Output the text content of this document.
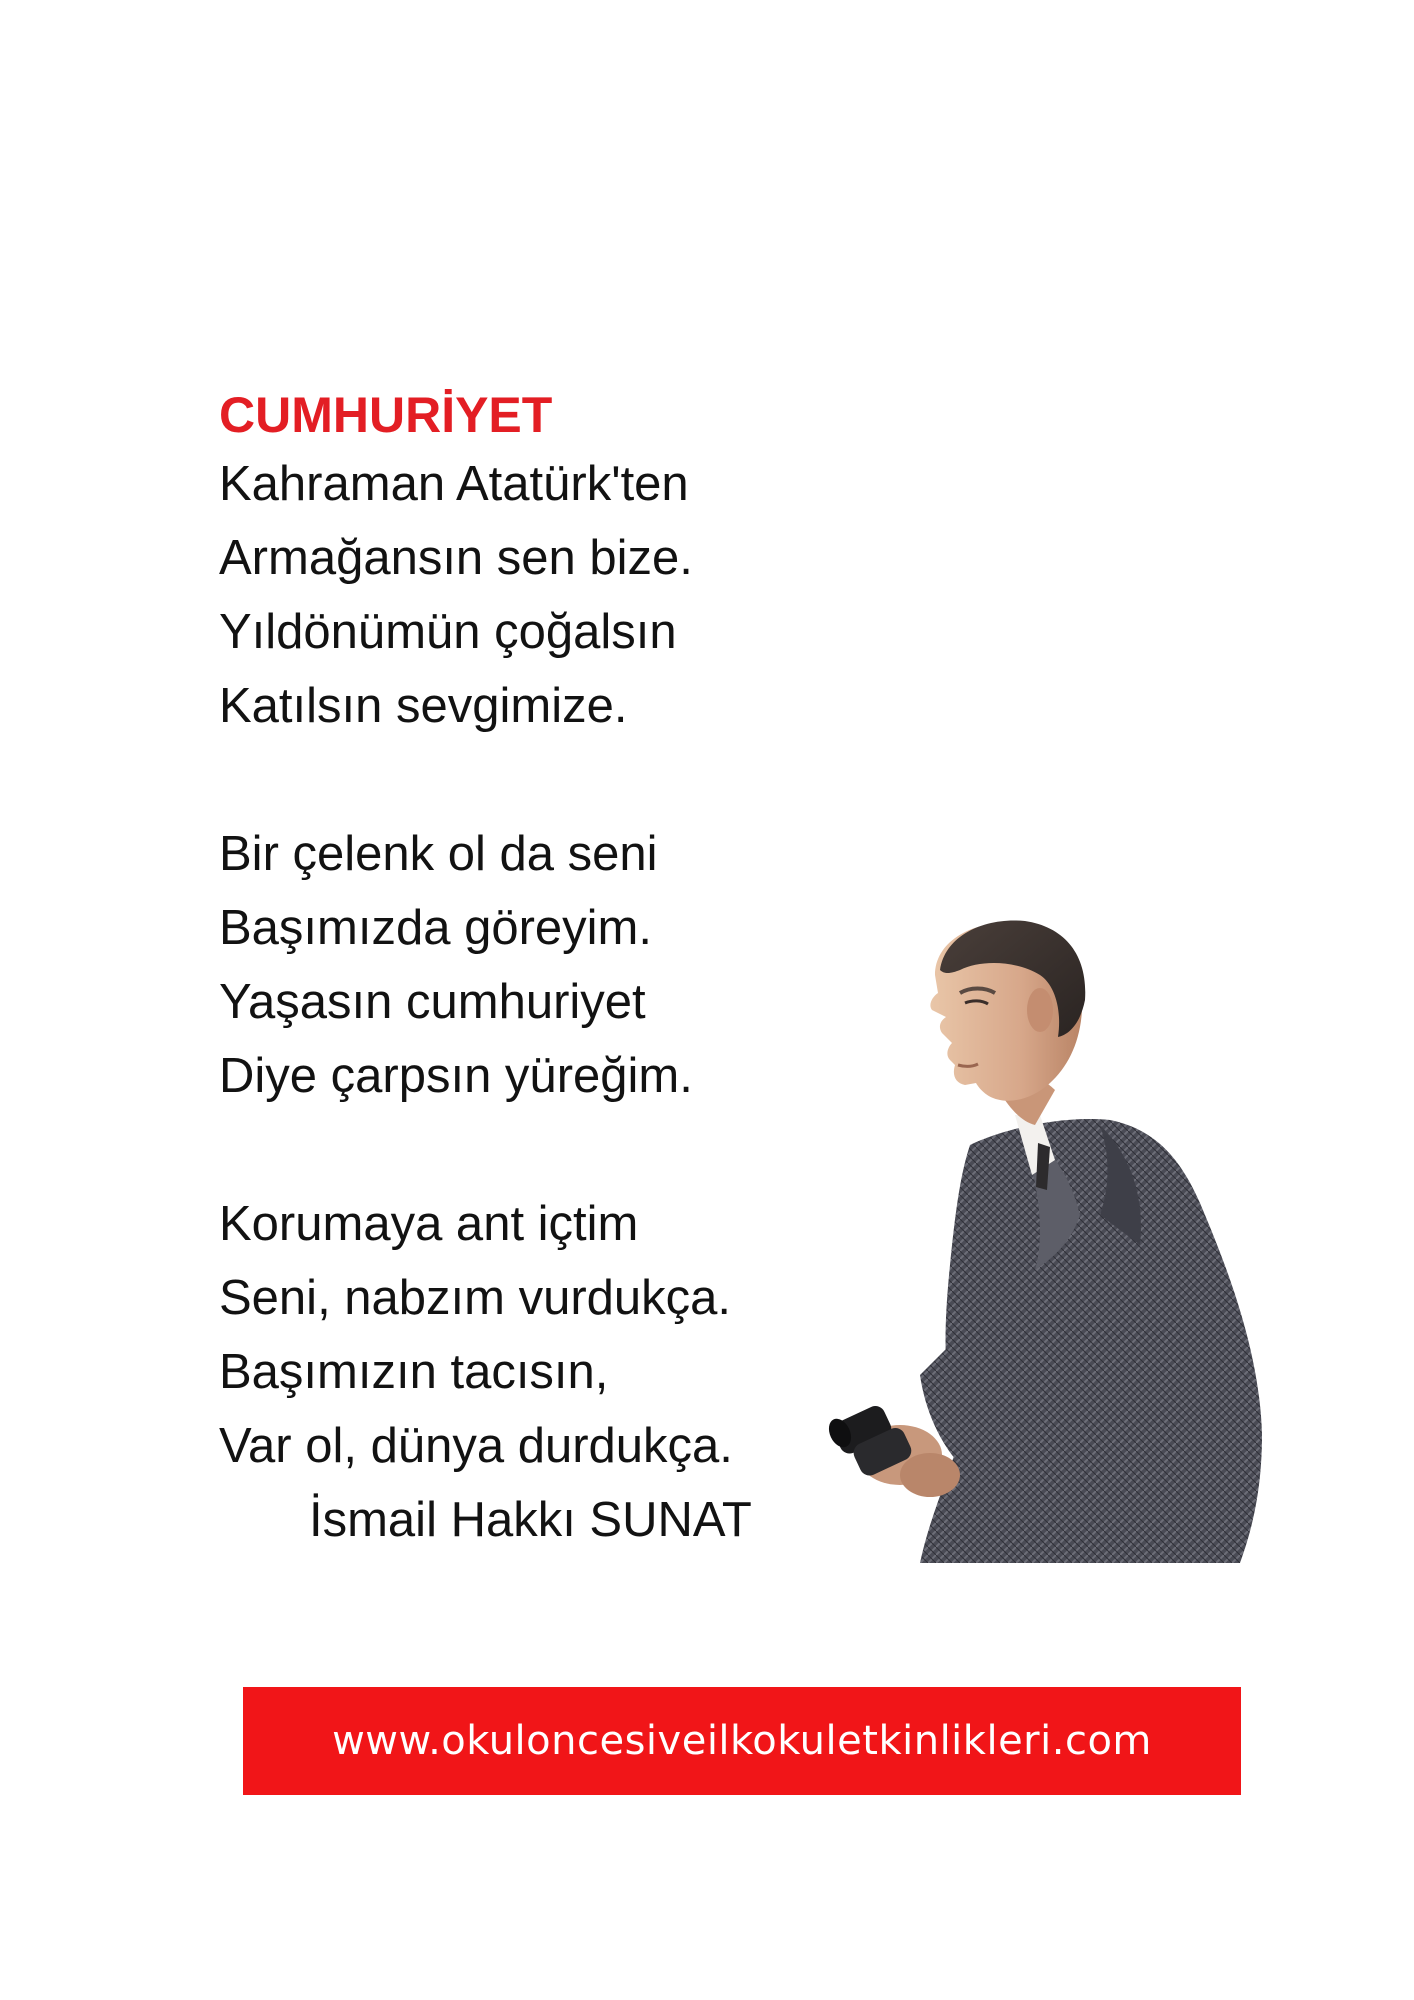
CUMHURİYET
Kahraman Atatürk'ten
Armağansın sen bize.
Yıldönümün çoğalsın
Katılsın sevgimize.
Bir çelenk ol da seni
Başımızda göreyim.
Yaşasın cumhuriyet
Diye çarpsın yüreğim.
Korumaya ant içtim
Seni, nabzım vurdukça.
Başımızın tacısın,
Var ol, dünya durdukça.
İsmail Hakkı SUNAT
www.okuloncesiveilkokuletkinlikleri.com
